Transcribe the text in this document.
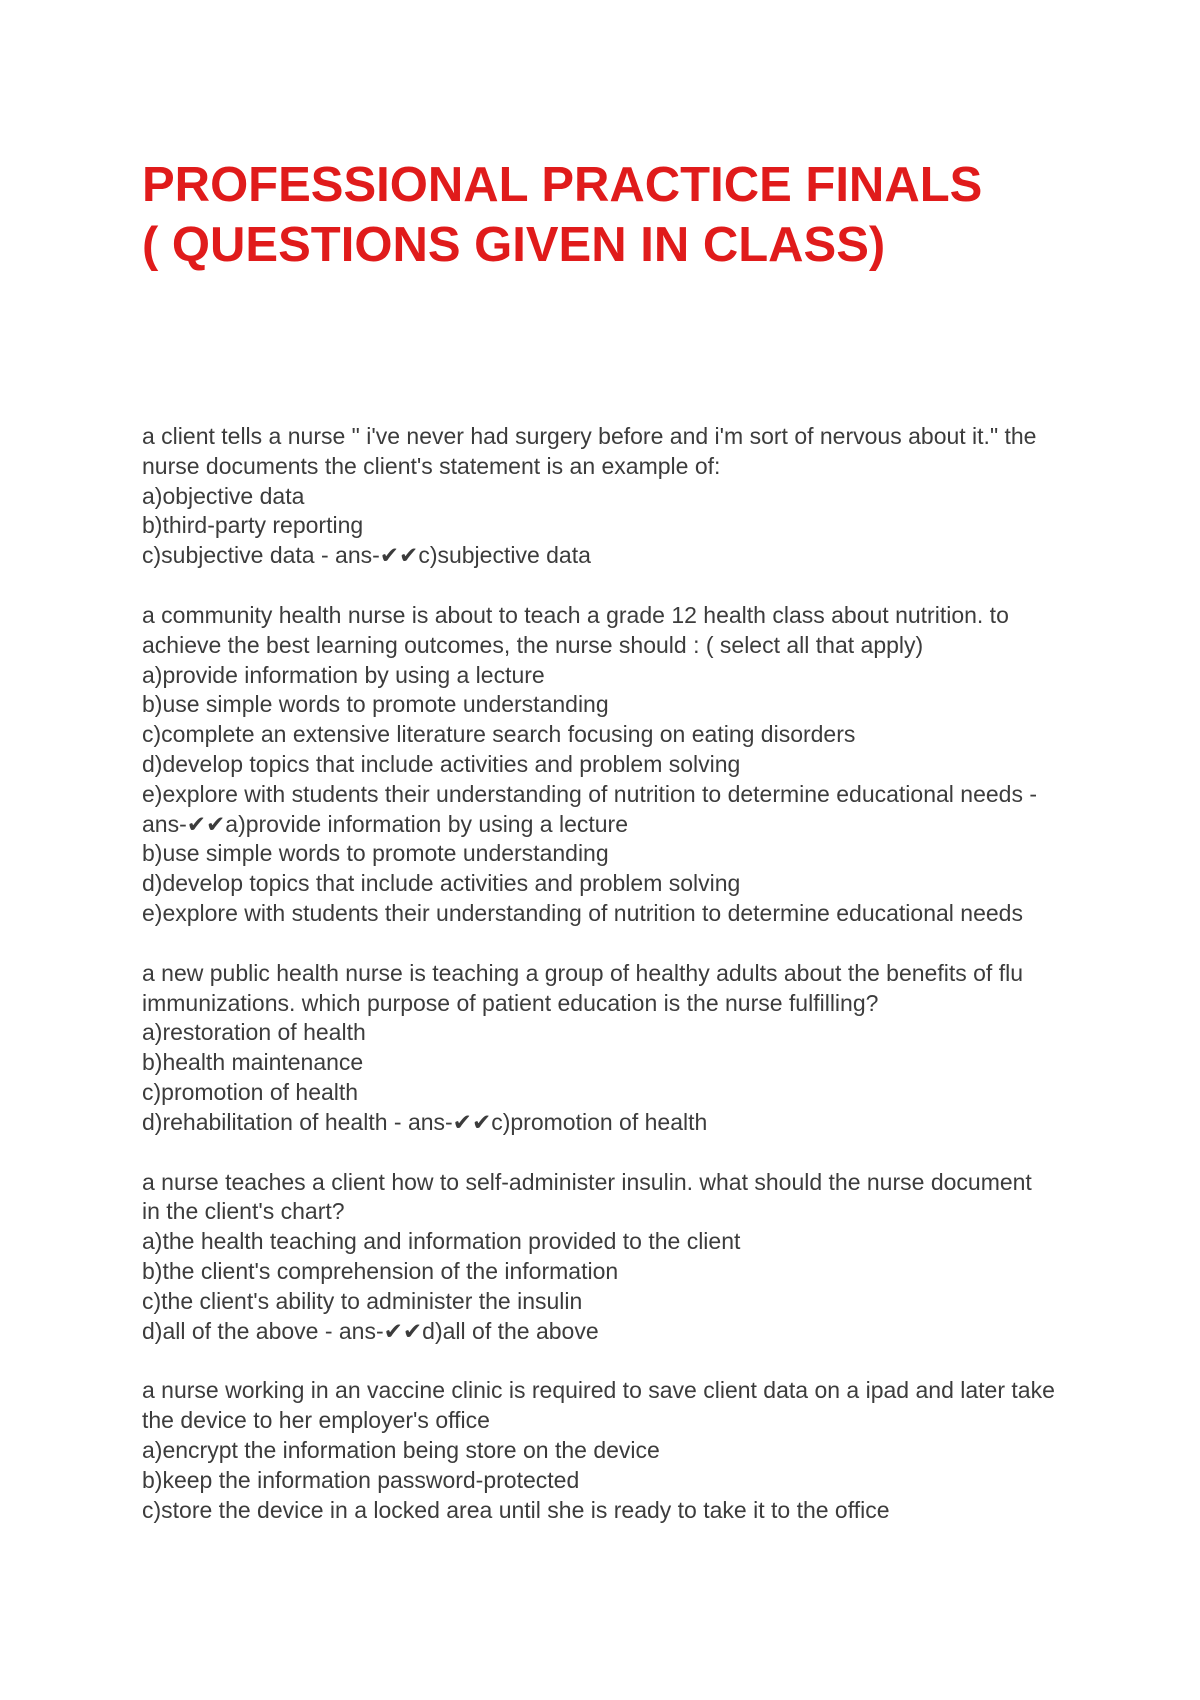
PROFESSIONAL PRACTICE FINALS
( QUESTIONS GIVEN IN CLASS)
a client tells a nurse " i've never had surgery before and i'm sort of nervous about it." the
nurse documents the client's statement is an example of:
a)objective data
b)third-party reporting
c)subjective data - ans-✔✔c)subjective data
a community health nurse is about to teach a grade 12 health class about nutrition. to
achieve the best learning outcomes, the nurse should : ( select all that apply)
a)provide information by using a lecture
b)use simple words to promote understanding
c)complete an extensive literature search focusing on eating disorders
d)develop topics that include activities and problem solving
e)explore with students their understanding of nutrition to determine educational needs -
ans-✔✔a)provide information by using a lecture
b)use simple words to promote understanding
d)develop topics that include activities and problem solving
e)explore with students their understanding of nutrition to determine educational needs
a new public health nurse is teaching a group of healthy adults about the benefits of flu
immunizations. which purpose of patient education is the nurse fulfilling?
a)restoration of health
b)health maintenance
c)promotion of health
d)rehabilitation of health - ans-✔✔c)promotion of health
a nurse teaches a client how to self-administer insulin. what should the nurse document
in the client's chart?
a)the health teaching and information provided to the client
b)the client's comprehension of the information
c)the client's ability to administer the insulin
d)all of the above - ans-✔✔d)all of the above
a nurse working in an vaccine clinic is required to save client data on a ipad and later take
the device to her employer's office
a)encrypt the information being store on the device
b)keep the information password-protected
c)store the device in a locked area until she is ready to take it to the office
